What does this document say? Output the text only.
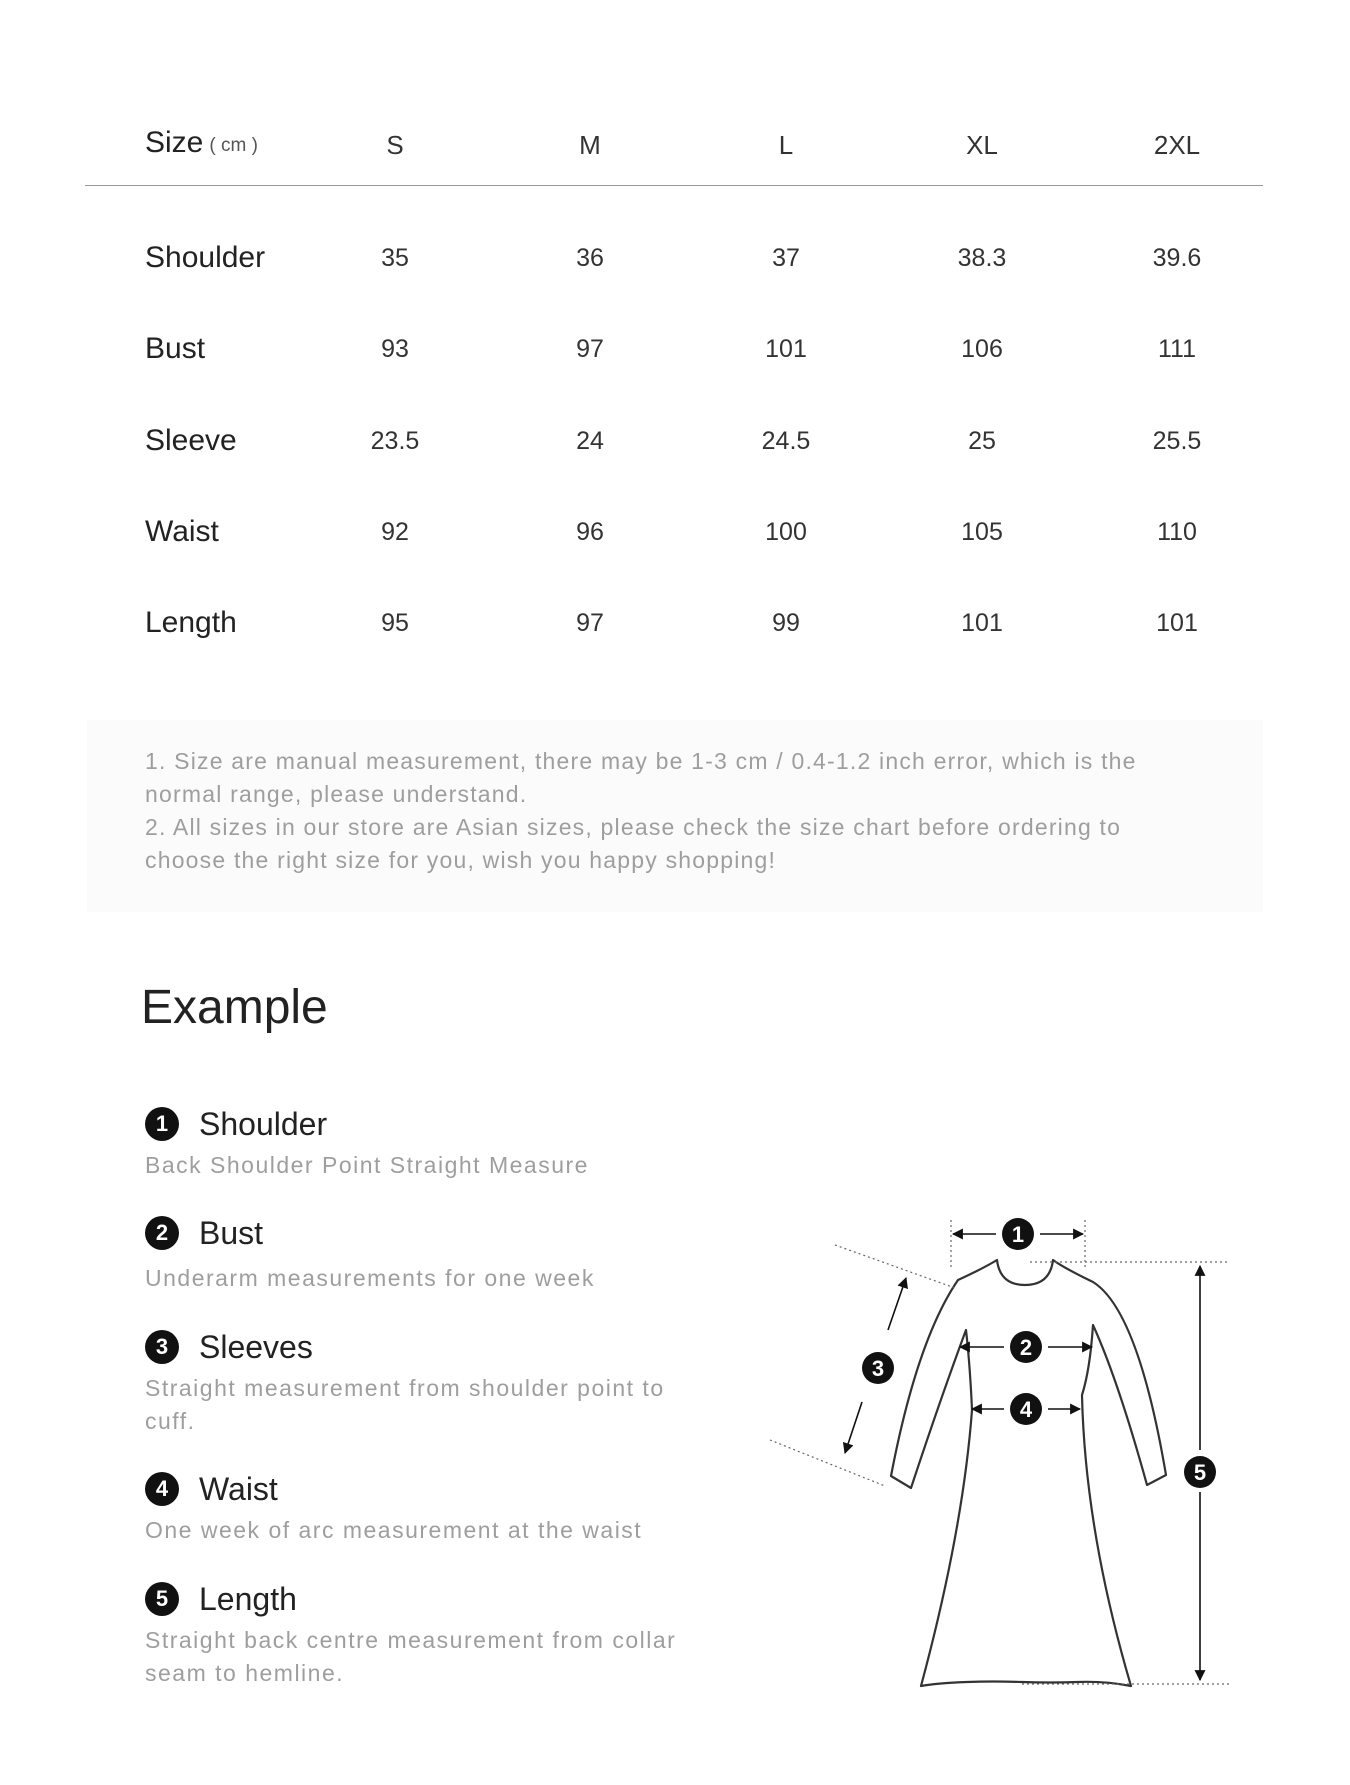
Size ( cm )	S	M	L	XL	2XL
Shoulder	35	36	37	38.3	39.6
Bust	93	97	101	106	111
Sleeve	23.5	24	24.5	25	25.5
Waist	92	96	100	105	110
Length	95	97	99	101	101

1. Size are manual measurement, there may be 1-3 cm / 0.4-1.2 inch error, which is the normal range, please understand.

2. All sizes in our store are Asian sizes, please check the size chart before ordering to choose the right size for you, wish you happy shopping!

Example
1 Shoulder
Back Shoulder Point Straight Measure
2 Bust
Underarm measurements for one week
3 Sleeves
Straight measurement from shoulder point to cuff.
4 Waist
One week of arc measurement at the waist
5 Length
Straight back centre measurement from collar seam to hemline.
1
2
3
4
5
